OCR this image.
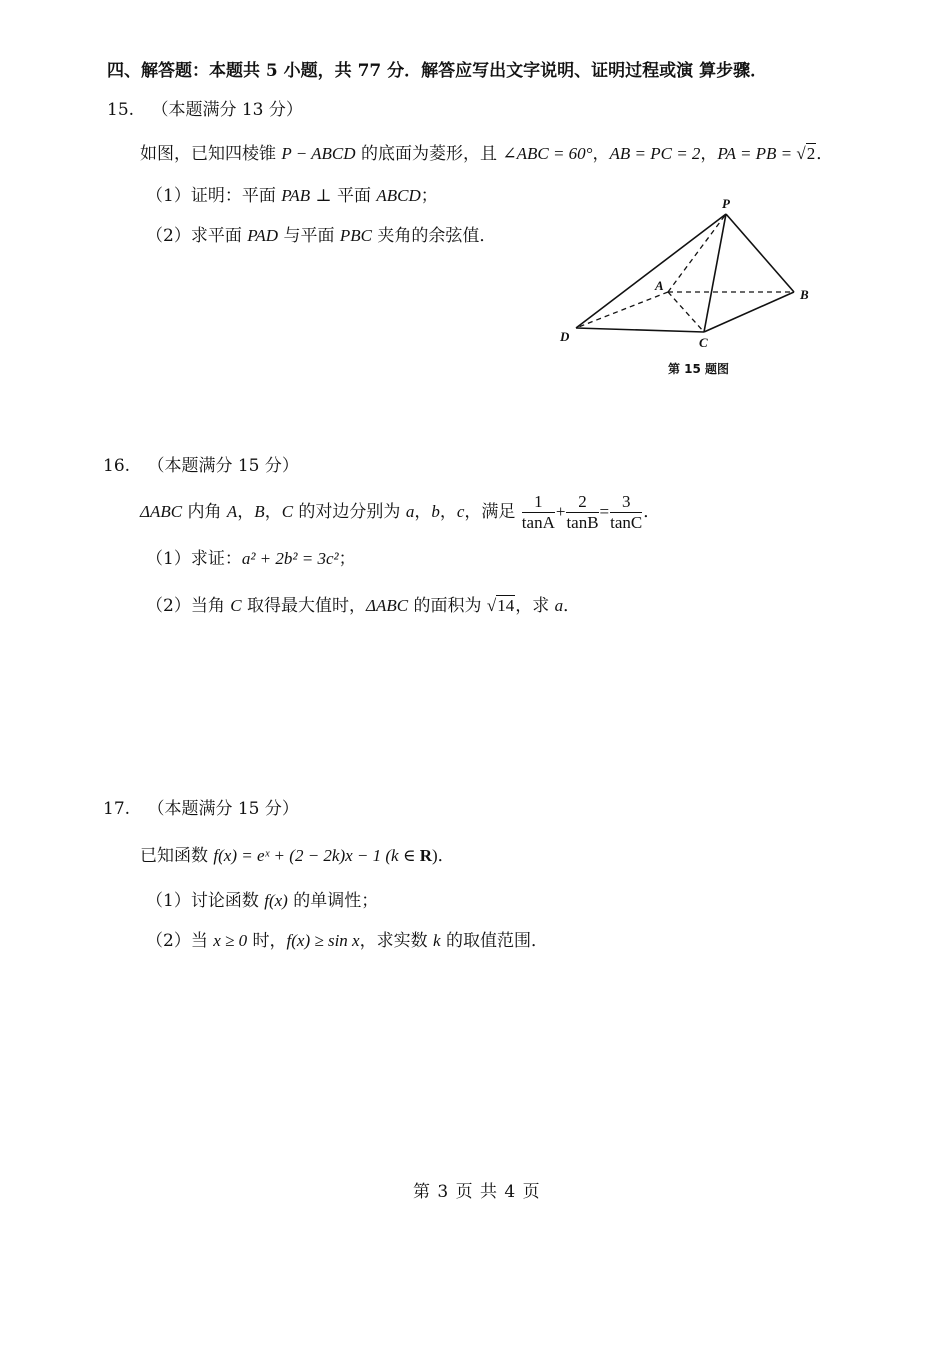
四、解答题：本题共 5 小题，共 77 分．解答应写出文字说明、证明过程或演 算步骤．
15. （本题满分 13 分）
如图，已知四棱锥 P − ABCD 的底面为菱形，且 ∠ABC = 60°，AB = PC = 2，PA = PB = √2．
（1）证明：平面 PAB ⊥ 平面 ABCD；
（2）求平面 PAD 与平面 PBC 夹角的余弦值．
P
A
B
C
D
第 15 题图
16. （本题满分 15 分）
ΔABC 内角 A，B，C 的对边分别为 a，b，c，满足 $\frac{1}{\tan A} + \frac{2}{\tan B} = \frac{3}{\tan C}$ ．
（1）求证：a² + 2b² = 3c²；
（2）当角 C 取得最大值时，ΔABC 的面积为 √14，求 a．
17. （本题满分 15 分）
已知函数 f(x) = eˣ + (2 − 2k)x − 1 (k ∈ R)．
（1）讨论函数 f(x) 的单调性；
（2）当 x ≥ 0 时，f(x) ≥ sin x，求实数 k 的取值范围．
第 3 页 共 4 页
